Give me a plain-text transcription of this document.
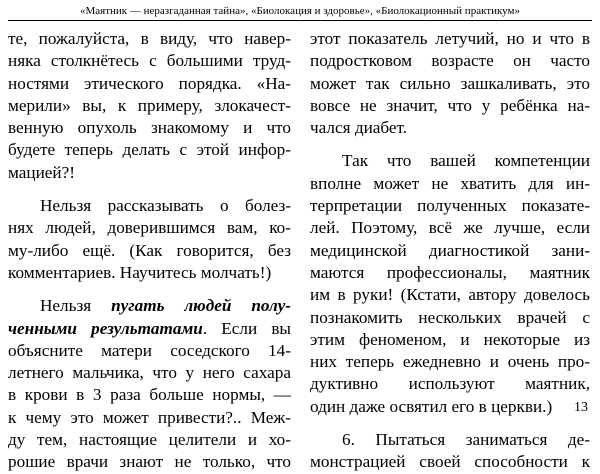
«Маятник — неразгаданная тайна», «Биолокация и здоровье», «Биолокационный практикум»
те, пожалуйста, в виду, что навер-
няка столкнётесь с большими труд-
ностями этического порядка. «На-
мерили» вы, к примеру, злокачест-
венную опухоль знакомому и что
будете теперь делать с этой инфор-
мацией?!
Нельзя рассказывать о болез-
нях людей, доверившимся вам, ко-
му-либо ещё. (Как говорится, без
комментариев. Научитесь молчать!)
Нельзя пугать людей полу-
ченными результатами. Если вы
объясните матери соседского 14-
летнего мальчика, что у него сахара
в крови в 3 раза больше нормы, —
к чему это может привести?.. Меж-
ду тем, настоящие целители и хо-
рошие врачи знают не только, что
этот показатель летучий, но и что в
подростковом возрасте он часто
может так сильно зашкаливать, это
вовсе не значит, что у ребёнка на-
чался диабет.
Так что вашей компетенции
вполне может не хватить для ин-
терпретации полученных показате-
лей. Поэтому, всё же лучше, если
медицинской диагностикой зани-
маются профессионалы, маятник
им в руки! (Кстати, автору довелось
познакомить нескольких врачей с
этим феноменом, и некоторые из
них теперь ежедневно и очень про-
дуктивно используют маятник,
один даже освятил его в церкви.)
6. Пытаться заниматься де-
монстрацией своей способности к
13
